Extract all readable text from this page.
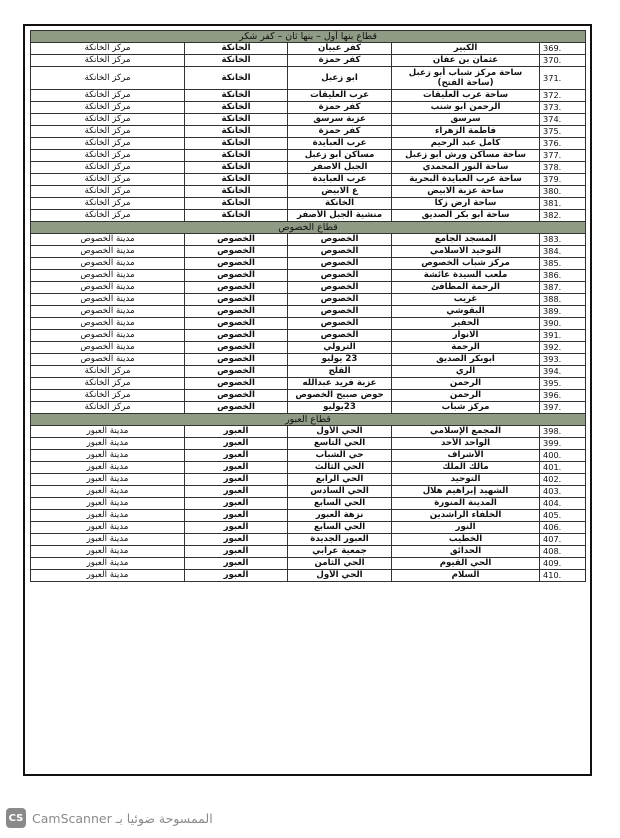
قطاع بنها أول – بنها ثان – كفر شكر				
.369	الكبير	كفر عبيان	الحانكة	مركز الخانكة
.370	عثمان بن عفان	كفر حمزة	الخانكة	مركز الخانكة
.371	ساحة مركز شباب أبو زعبل (ساحة الفتح)	ابو زعبل	الخانكة	مركز الخانكة
.372	ساحة عرب العليقات	عرب العليقات	الخانكة	مركز الخانكة
.373	الرحمن ابو شنب	كفر حمزة	الخانكة	مركز الخانكة
.374	سرسق	عزبة سرسق	الخانكة	مركز الخانكة
.375	فاطمة الزهراء	كفر حمزة	الخانكة	مركز الخانكة
.376	كامل عبد الرحيم	عرب العبايدة	الخانكة	مركز الخانكة
.377	ساحة مساكن ورش أبو زعبل	مساكن أبو زعبل	الخانكة	مركز الخانكة
.378	ساحة النور المحمدي	الجبل الاصفر	الخانكة	مركز الخانكة
.379	ساحة عرب العبايدة البحرية	عرب العبايدة	الخانكة	مركز الخانكة
.380	ساحة عزبة الابيض	ع الابيض	الخانكة	مركز الخانكة
.381	ساحة ارض زكا	الخانكة	الخانكة	مركز الخانكة
.382	ساحة أبو بكر الصديق	منشية الجبل الأصفر	الخانكة	مركز الخانكة
قطاع الخصوص				
.383	المسجد الجامع	الخصوص	الخصوص	مدينة الخصوص
.384	التوحيد الاسلامي	الخصوص	الخصوص	مدينة الخصوص
.385	مركز شباب الخصوص	الخصوص	الخصوص	مدينة الخصوص
.386	ملعب السيدة عائشة	الخصوص	الخصوص	مدينة الخصوص
.387	الرحمة المطافئ	الخصوص	الخصوص	مدينة الخصوص
.388	غريب	الخصوص	الخصوص	مدينة الخصوص
.389	البقوشي	الخصوص	الخصوص	مدينة الخصوص
.390	الحفير	الخصوص	الخصوص	مدينة الخصوص
.391	الانوار	الخصوص	الخصوص	مدينة الخصوص
.392	الرحمة	الترولي	الخصوص	مدينة الخصوص
.393	ابوبكر الصديق	23 يوليو	الخصوص	مدينة الخصوص
.394	الري	القلج	الخصوص	مركز الخانكة
.395	الرحمن	عزبة فريد عبدالله	الخصوص	مركز الخانكة
.396	الرحمن	حوض صبيح الخصوص	الخصوص	مركز الخانكة
.397	مركز شباب	23يوليو	الخصوص	مركز الخانكة
قطاع العبور				
.398	المجمع الإسلامي	الحي الأول	العبور	مدينة العبور
.399	الواحد الأحد	الحي التاسع	العبور	مدينة العبور
.400	الأشراف	حي الشباب	العبور	مدينة العبور
.401	مالك الملك	الحي الثالث	العبور	مدينة العبور
.402	التوحيد	الحي الرابع	العبور	مدينة العبور
.403	الشهيد إبراهيم هلال	الحي السادس	العبور	مدينة العبور
.404	المدينة المنورة	الحي السابع	العبور	مدينة العبور
.405	الخلفاء الراشدين	نزهة العبور	العبور	مدينة العبور
.406	النور	الحي السابع	العبور	مدينة العبور
.407	الخطيب	العبور الجديدة	العبور	مدينة العبور
.408	الحدائق	جمعية عرابي	العبور	مدينة العبور
.409	الحي القيوم	الحي الثامن	العبور	مدينة العبور
.410	السلام	الحي الأول	العبور	مدينة العبور
CS الممسوحة ضوئيا بـ CamScanner
